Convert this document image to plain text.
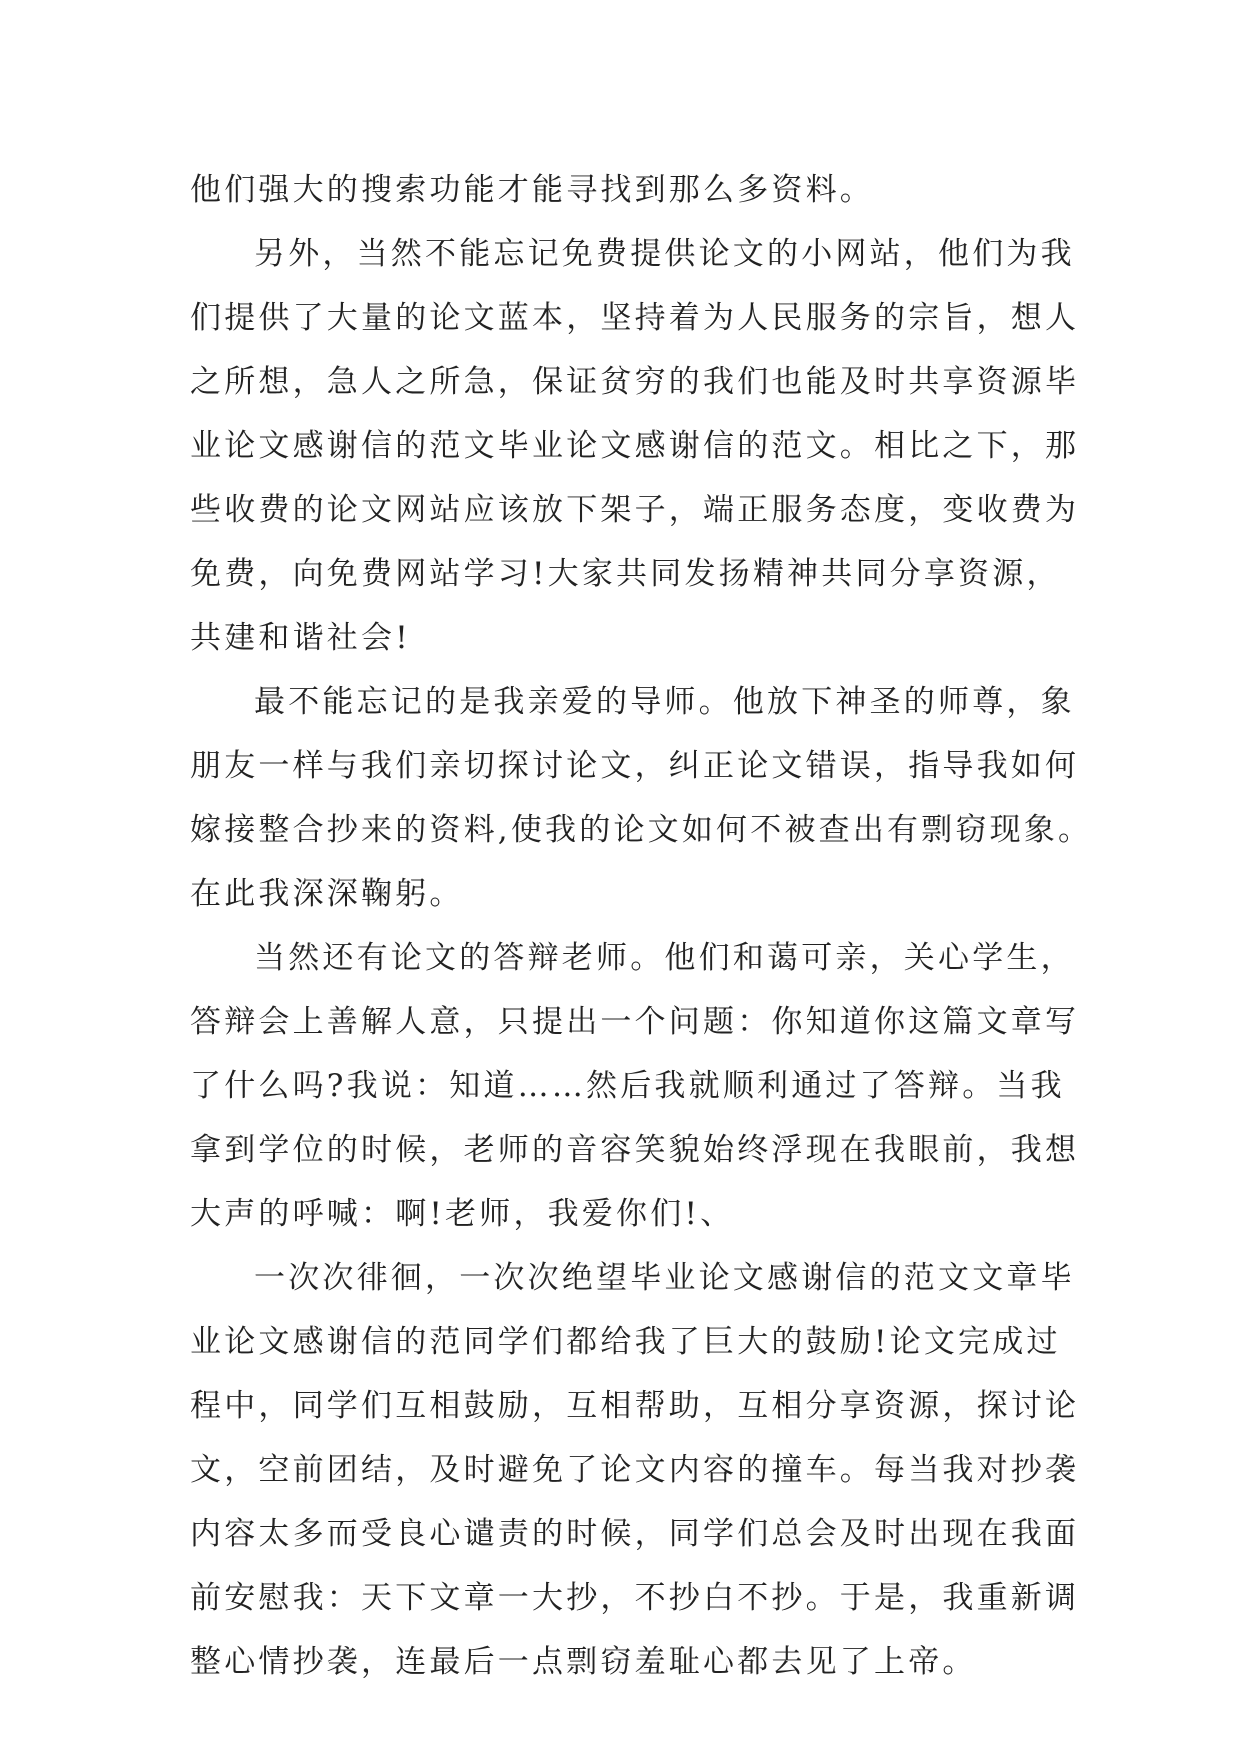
他们强大的搜索功能才能寻找到那么多资料。
另外，当然不能忘记免费提供论文的小网站，他们为我
们提供了大量的论文蓝本，坚持着为人民服务的宗旨，想人
之所想，急人之所急，保证贫穷的我们也能及时共享资源毕
业论文感谢信的范文毕业论文感谢信的范文。相比之下，那
些收费的论文网站应该放下架子，端正服务态度，变收费为
免费，向免费网站学习!大家共同发扬精神共同分享资源，
共建和谐社会!
最不能忘记的是我亲爱的导师。他放下神圣的师尊，象
朋友一样与我们亲切探讨论文，纠正论文错误，指导我如何
嫁接整合抄来的资料,使我的论文如何不被查出有剽窃现象。
在此我深深鞠躬。
当然还有论文的答辩老师。他们和蔼可亲，关心学生，
答辩会上善解人意，只提出一个问题：你知道你这篇文章写
了什么吗?我说：知道……然后我就顺利通过了答辩。当我
拿到学位的时候，老师的音容笑貌始终浮现在我眼前，我想
大声的呼喊：啊!老师，我爱你们!、
一次次徘徊，一次次绝望毕业论文感谢信的范文文章毕
业论文感谢信的范同学们都给我了巨大的鼓励!论文完成过
程中，同学们互相鼓励，互相帮助，互相分享资源，探讨论
文，空前团结，及时避免了论文内容的撞车。每当我对抄袭
内容太多而受良心谴责的时候，同学们总会及时出现在我面
前安慰我：天下文章一大抄，不抄白不抄。于是，我重新调
整心情抄袭，连最后一点剽窃羞耻心都去见了上帝。
